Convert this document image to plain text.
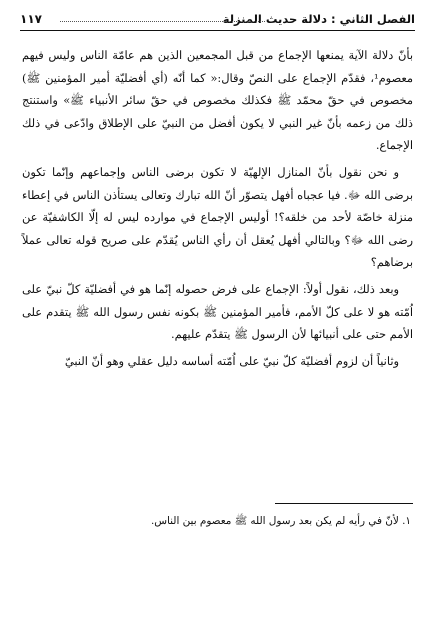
الفصل الثاني : دلالة حديث المنزلة
١١٧

بأنّ دلالة الآية يمنعها الإجماع من قبل المجمعين الذين هم عامّة الناس وليس فيهم معصوم¹، فقدّم الإجماع على النصّ وقال:« كما أنّه (أي أفضليّة أمير المؤمنين ﷺ) مخصوص في حقّ محمّد ﷺ فكذلك مخصوص في حقّ سائر الأنبياء ﷺ» واستنتج ذلك من زعمه بأنّ غير النبي لا يكون أفضل من النبيّ على الإطلاق وادّعى في ذلك الإجماع.

و نحن نقول بأنّ المنازل الإلهيّة لا تكون برضى الناس وإجماعهم وإنّما تكون برضى الله ﷻ. فيا عجباه أفهل يتصوّر أنّ الله تبارك وتعالى يستأذن الناس في إعطاء منزلة خاصّة لأحد من خلقه؟! أوليس الإجماع في موارده ليس له إلّا الكاشفيّة عن رضى الله ﷻ؟ وبالتالي أفهل يُعقل أن رأي الناس يُقدّم على صريح قوله تعالى عملاً برضاهم؟

وبعد ذلك، نقول أولاً: الإجماع على فرض حصوله إنّما هو في أفضليّة كلّ نبيّ على اُمّته هو لا على كلّ الأمم، فأمير المؤمنين ﷺ بكونه نفس رسول الله ﷺ يتقدم على الأمم حتى على أنبيائها لأن الرسول ﷺ يتقدّم عليهم.

وثانياً أن لزوم أفضليّة كلّ نبيّ على اُمّته أساسه دليل عقلي وهو أنّ النبيّ

١. لأنّ في رأيه لم يكن بعد رسول الله ﷺ معصوم بين الناس.
